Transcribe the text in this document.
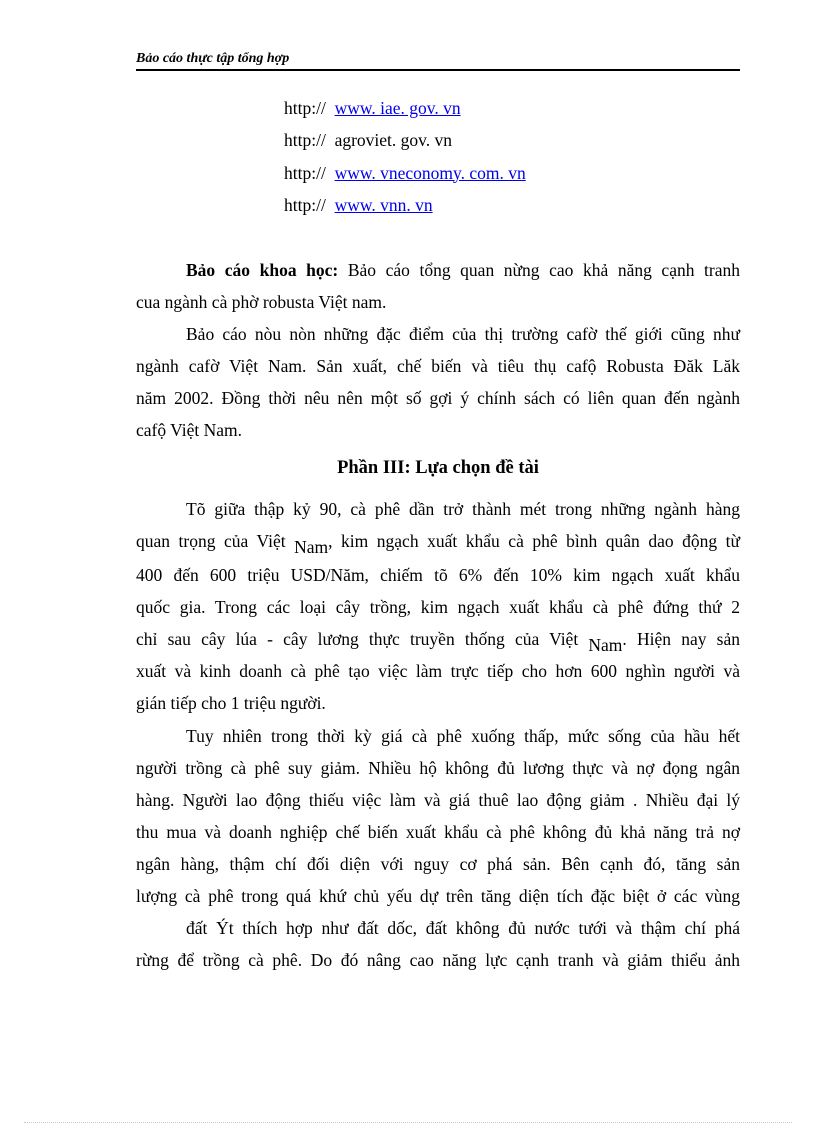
Bảo cáo thực tập tổng hợp
http:// www. iae. gov. vn
http:// agroviet. gov. vn
http:// www. vneconomy. com. vn
http:// www. vnn. vn
Bảo cáo khoa học: Bảo cáo tổng quan nừng cao khả năng cạnh tranh
cua ngành cà phờ robusta Việt nam.
Bảo cáo nòu nòn những đặc điểm của thị trường cafờ thế giới cũng như
ngành cafờ Việt Nam. Sản xuất, chế biến và tiêu thụ cafộ Robusta Đăk Lăk
năm 2002. Đồng thời nêu nên một số gợi ý chính sách có liên quan đến ngành
cafộ Việt Nam.
Phần III: Lựa chọn đề tài
Tõ giữa thập kỷ 90, cà phê dần trở thành mét trong những ngành hàng
quan trọng của Việt Nam, kim ngạch xuất khẩu cà phê bình quân dao động từ
400 đến 600 triệu USD/Năm, chiếm tõ 6% đến 10% kim ngạch xuất khẩu
quốc gia. Trong các loại cây trồng, kim ngạch xuất khẩu cà phê đứng thứ 2
chỉ sau cây lúa - cây lương thực truyền thống của Việt Nam. Hiện nay sản
xuất và kinh doanh cà phê tạo việc làm trực tiếp cho hơn 600 nghìn người và
gián tiếp cho 1 triệu người.
Tuy nhiên trong thời kỳ giá cà phê xuống thấp, mức sống của hầu hết
người trồng cà phê suy giảm. Nhiều hộ không đủ lương thực và nợ đọng ngân
hàng. Người lao động thiếu việc làm và giá thuê lao động giảm . Nhiều đại lý
thu mua và doanh nghiệp chế biến xuất khẩu cà phê không đủ khả năng trả nợ
ngân hàng, thậm chí đối diện với nguy cơ phá sản. Bên cạnh đó, tăng sản
lượng cà phê trong quá khứ chủ yếu dự trên tăng diện tích đặc biệt ở các vùng
đất Ýt thích hợp như đất dốc, đất không đủ nước tưới và thậm chí phá
rừng để trồng cà phê. Do đó nâng cao năng lực cạnh tranh và giảm thiểu ảnh
